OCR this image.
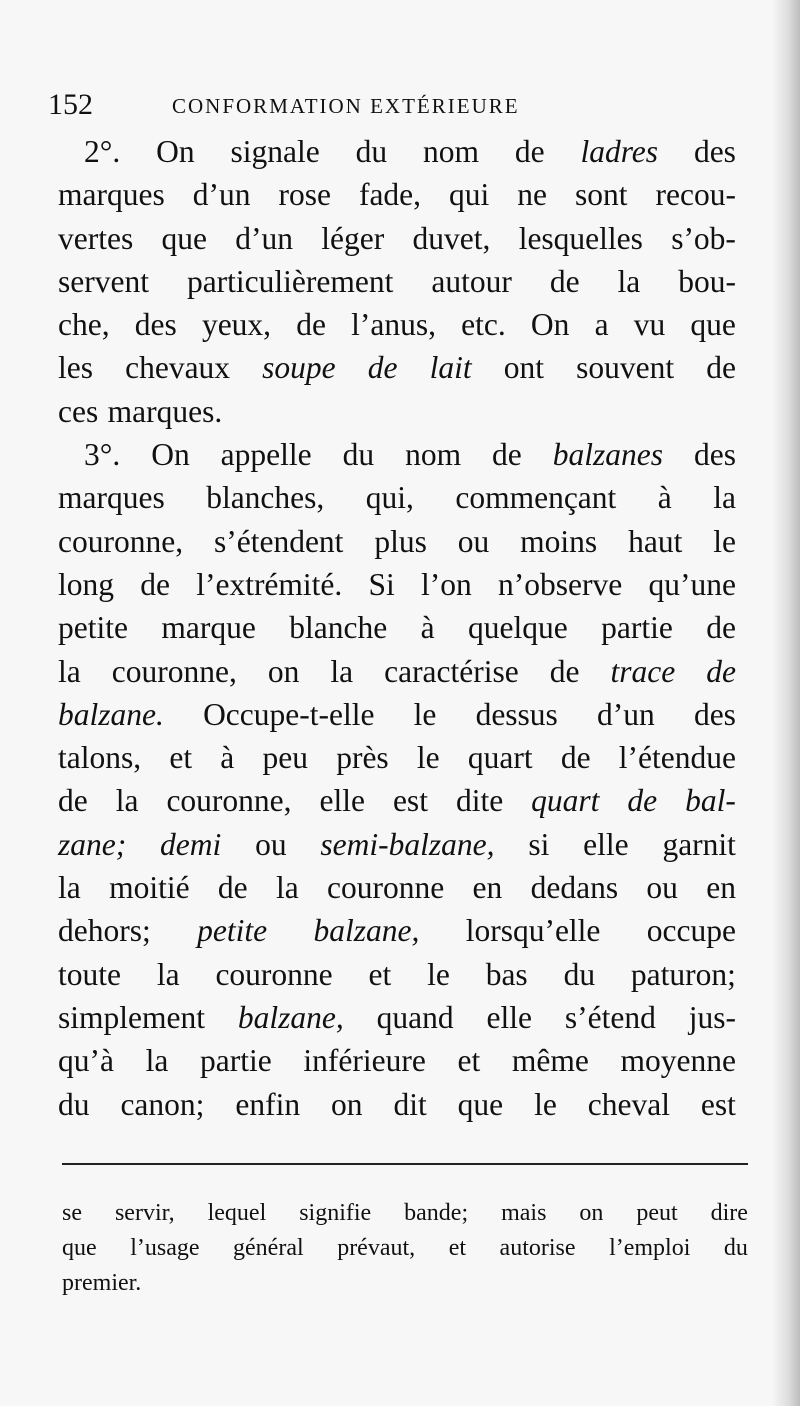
152	CONFORMATION EXTÉRIEURE
2°. On signale du nom de ladres des
marques d’un rose fade, qui ne sont recou-
vertes que d’un léger duvet, lesquelles s’ob-
servent particulièrement autour de la bou-
che, des yeux, de l’anus, etc. On a vu que
les chevaux soupe de lait ont souvent de
ces marques.
3°. On appelle du nom de balzanes des
marques blanches, qui, commençant à la
couronne, s’étendent plus ou moins haut le
long de l’extrémité. Si l’on n’observe qu’une
petite marque blanche à quelque partie de
la couronne, on la caractérise de trace de
balzane. Occupe-t-elle le dessus d’un des
talons, et à peu près le quart de l’étendue
de la couronne, elle est dite quart de bal-
zane; demi ou semi-balzane, si elle garnit
la moitié de la couronne en dedans ou en
dehors; petite balzane, lorsqu’elle occupe
toute la couronne et le bas du paturon;
simplement balzane, quand elle s’étend jus-
qu’à la partie inférieure et même moyenne
du canon; enfin on dit que le cheval est
se servir, lequel signifie bande; mais on peut dire
que l’usage général prévaut, et autorise l’emploi du
premier.
